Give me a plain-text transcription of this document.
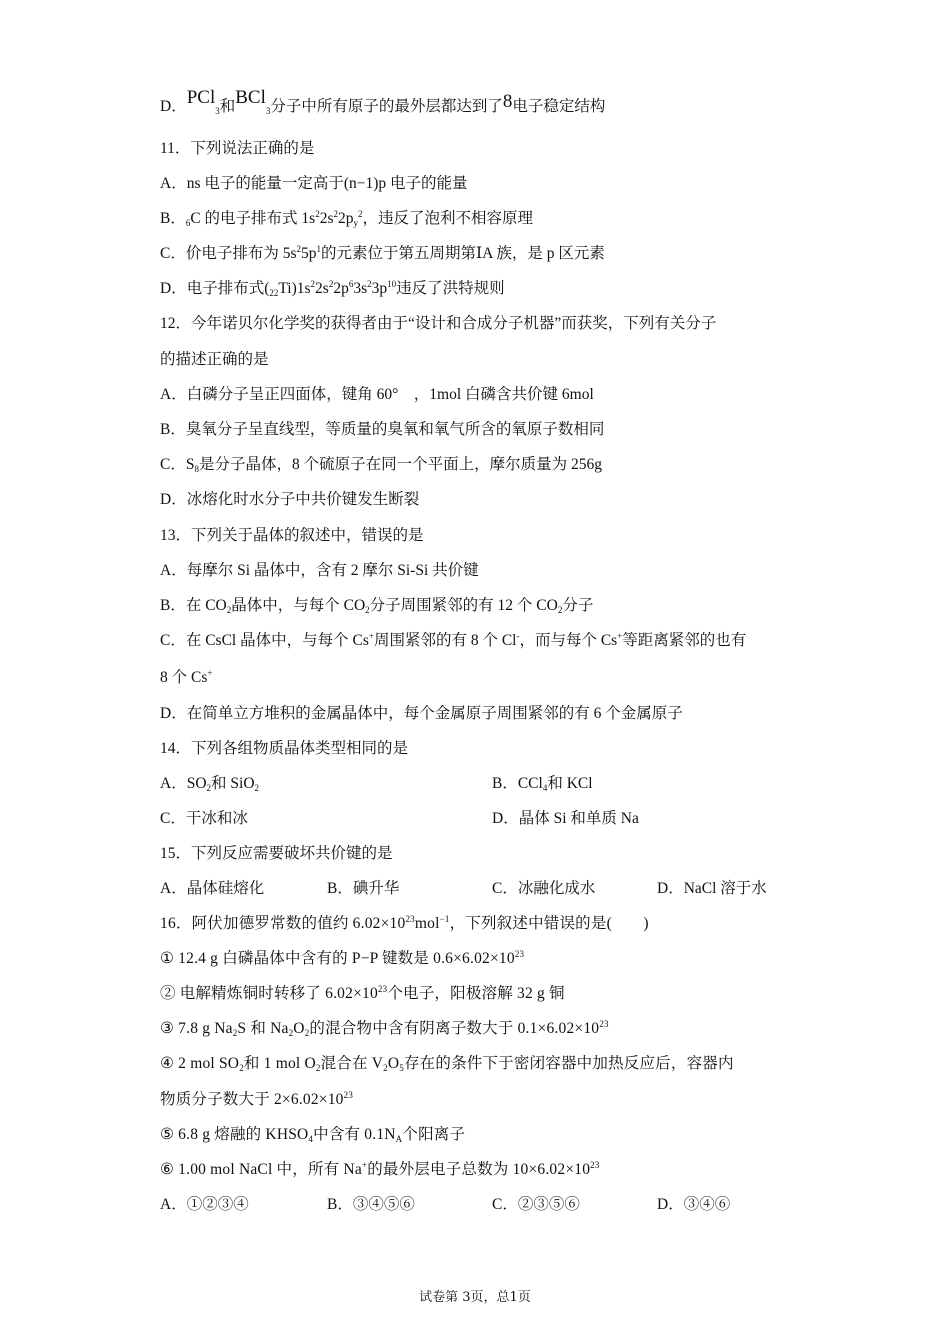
D．PCl$_3$和BCl$_3$分子中所有原子的最外层都达到了8电子稳定结构
11．下列说法正确的是
A．ns 电子的能量一定高于(n−1)p 电子的能量
B．6C 的电子排布式 $1s^22s^22p_y^2$，违反了泡利不相容原理
C．价电子排布为 $5s^25p^1$的元素位于第五周期第ⅠA 族，是 p 区元素
D．电子排布式$(22Ti)1s^22s^22p^63s^23p^{10}$违反了洪特规则
12．今年诺贝尔化学奖的获得者由于“设计和合成分子机器”而获奖，下列有关分子
的描述正确的是
A．白磷分子呈正四面体，键角 60°　，1mol 白磷含共价键 6mol
B．臭氧分子呈直线型，等质量的臭氧和氧气所含的氧原子数相同
C．$S_8$是分子晶体，8 个硫原子在同一个平面上，摩尔质量为 256g
D．冰熔化时水分子中共价键发生断裂
13．下列关于晶体的叙述中，错误的是
A．每摩尔 Si 晶体中，含有 2 摩尔 Si-Si 共价键
B．在 $CO_2$晶体中，与每个 $CO_2$分子周围紧邻的有 12 个 $CO_2$分子
C．在 CsCl 晶体中，与每个 Cs+周围紧邻的有 8 个 Cl-，而与每个 Cs+等距离紧邻的也有
8 个 Cs+
D．在简单立方堆积的金属晶体中，每个金属原子周围紧邻的有 6 个金属原子
14．下列各组物质晶体类型相同的是
A．$SO_2$和 SiO$_2$	B．CCl$_4$和 KCl
C．干冰和冰	D．晶体 Si 和单质 Na
15．下列反应需要破坏共价键的是
A．晶体硅熔化	B．碘升华	C．冰融化成水	D．NaCl 溶于水
16．阿伏加德罗常数的值约 $6.02\times 10^{23}mol^{-1}$，下列叙述中错误的是(　　)
① 12.4 g 白磷晶体中含有的 P−P 键数是 $0.6\times 6.02\times 10^{23}$
② 电解精炼铜时转移了 $6.02\times 10^{23}$个电子，阳极溶解 32 g 铜
③ 7.8 g $Na_2S$ 和 $Na_2O_2$的混合物中含有阴离子数大于 $0.1\times 6.02\times 10^{23}$
④ 2 mol $SO_2$和 1 mol $O_2$混合在 $V_2O_5$存在的条件下于密闭容器中加热反应后，容器内
物质分子数大于 $2\times 6.02\times 10^{23}$
⑤ 6.8 g 熔融的 $KHSO_4$中含有 $0.1N_A$个阳离子
⑥ 1.00 mol NaCl 中，所有 Na+的最外层电子总数为 $10\times 6.02\times 10^{23}$
A．①②③④	B．③④⑤⑥	C．②③⑤⑥	D．③④⑥
试卷第 3页，总1页
